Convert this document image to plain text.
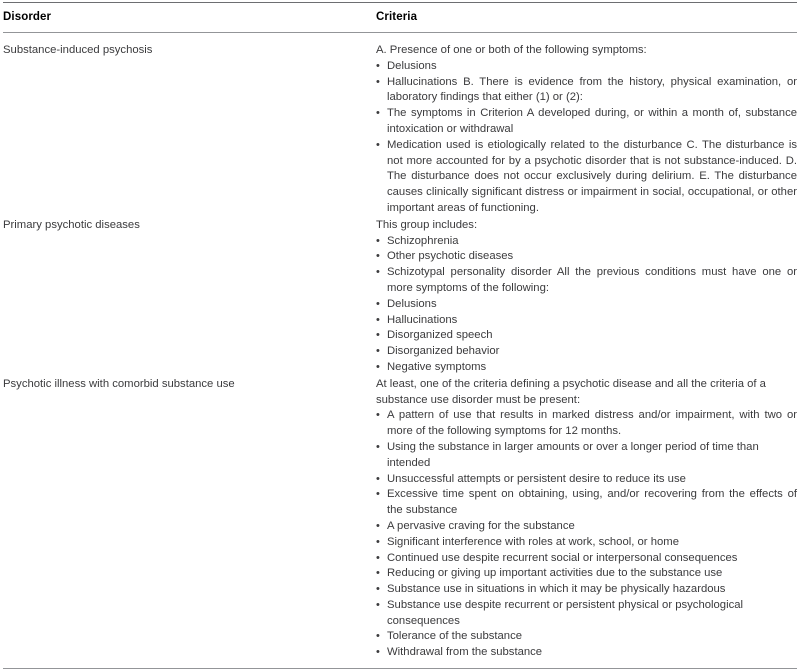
Disorder	Criteria
Substance-induced psychosis	A. Presence of one or both of the following symptoms:

• Delusions
• Hallucinations B. There is evidence from the history, physical examination, or laboratory findings that either (1) or (2):
• The symptoms in Criterion A developed during, or within a month of, substance intoxication or withdrawal
• Medication used is etiologically related to the disturbance C. The disturbance is not more accounted for by a psychotic disorder that is not substance-induced. D. The disturbance does not occur exclusively during delirium. E. The disturbance causes clinically significant distress or impairment in social, occupational, or other important areas of functioning.
Primary psychotic diseases	This group includes:

• Schizophrenia
• Other psychotic diseases
• Schizotypal personality disorder All the previous conditions must have one or more symptoms of the following:
• Delusions
• Hallucinations
• Disorganized speech
• Disorganized behavior
• Negative symptoms
Psychotic illness with comorbid substance use	At least, one of the criteria defining a psychotic disease and all the criteria of a substance use disorder must be present:

• A pattern of use that results in marked distress and/or impairment, with two or more of the following symptoms for 12 months.
• Using the substance in larger amounts or over a longer period of time than intended
• Unsuccessful attempts or persistent desire to reduce its use
• Excessive time spent on obtaining, using, and/or recovering from the effects of the substance
• A pervasive craving for the substance
• Significant interference with roles at work, school, or home
• Continued use despite recurrent social or interpersonal consequences
• Reducing or giving up important activities due to the substance use
• Substance use in situations in which it may be physically hazardous
• Substance use despite recurrent or persistent physical or psychological consequences
• Tolerance of the substance
• Withdrawal from the substance
